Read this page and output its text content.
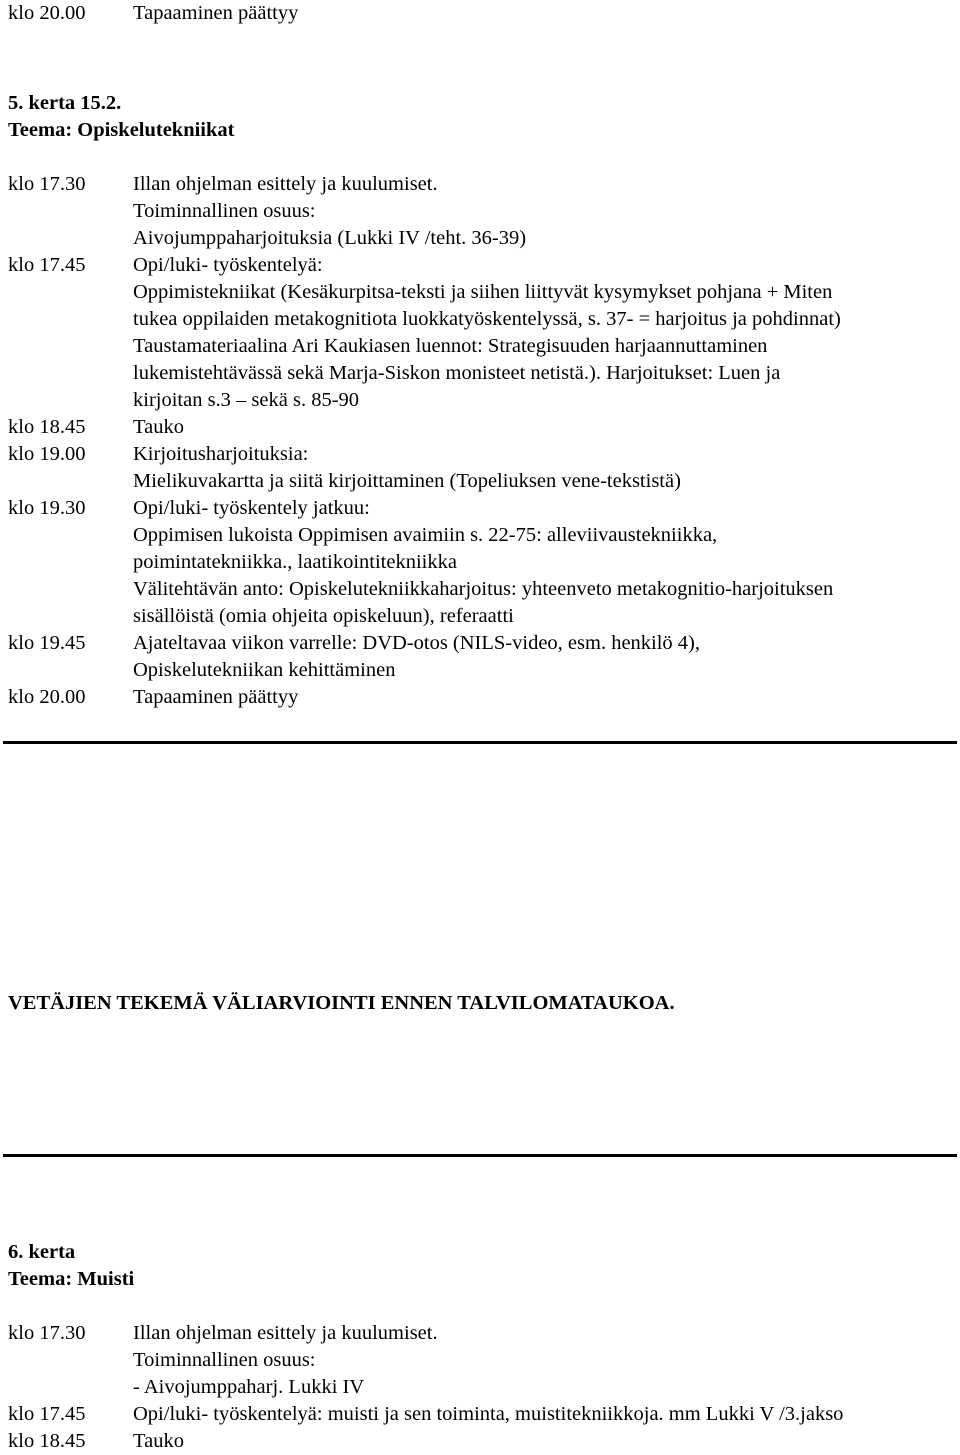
klo 20.00 Tapaaminen päättyy
5. kerta 15.2.
Teema: Opiskelutekniikat
klo 17.30 Illan ohjelman esittely ja kuulumiset.
Toiminnallinen osuus:
Aivojumppaharjoituksia (Lukki IV /teht. 36-39)
klo 17.45 Opi/luki- työskentelyä:
Oppimistekniikat (Kesäkurpitsa-teksti ja siihen liittyvät kysymykset pohjana + Miten
tukea oppilaiden metakognitiota luokkatyöskentelyssä, s. 37- = harjoitus ja pohdinnat)
Taustamateriaalina Ari Kaukiasen luennot: Strategisuuden harjaannuttaminen
lukemistehtävässä sekä Marja-Siskon monisteet netistä.). Harjoitukset: Luen ja
kirjoitan s.3 – sekä s. 85-90
klo 18.45 Tauko
klo 19.00 Kirjoitusharjoituksia:
Mielikuvakartta ja siitä kirjoittaminen (Topeliuksen vene-tekstistä)
klo 19.30 Opi/luki- työskentely jatkuu:
Oppimisen lukoista Oppimisen avaimiin s. 22-75: alleviivaustekniikka,
poimintatekniikka., laatikointitekniikka
Välitehtävän anto: Opiskelutekniikkaharjoitus: yhteenveto metakognitio-harjoituksen
sisällöistä (omia ohjeita opiskeluun), referaatti
klo 19.45 Ajateltavaa viikon varrelle: DVD-otos (NILS-video, esm. henkilö 4),
Opiskelutekniikan kehittäminen
klo 20.00 Tapaaminen päättyy
VETÄJIEN TEKEMÄ VÄLIARVIOINTI ENNEN TALVILOMATAUKOA.
6. kerta
Teema: Muisti
klo 17.30 Illan ohjelman esittely ja kuulumiset.
Toiminnallinen osuus:
- Aivojumppaharj. Lukki IV
klo 17.45 Opi/luki- työskentelyä: muisti ja sen toiminta, muistitekniikkoja. mm Lukki V /3.jakso
klo 18.45 Tauko
